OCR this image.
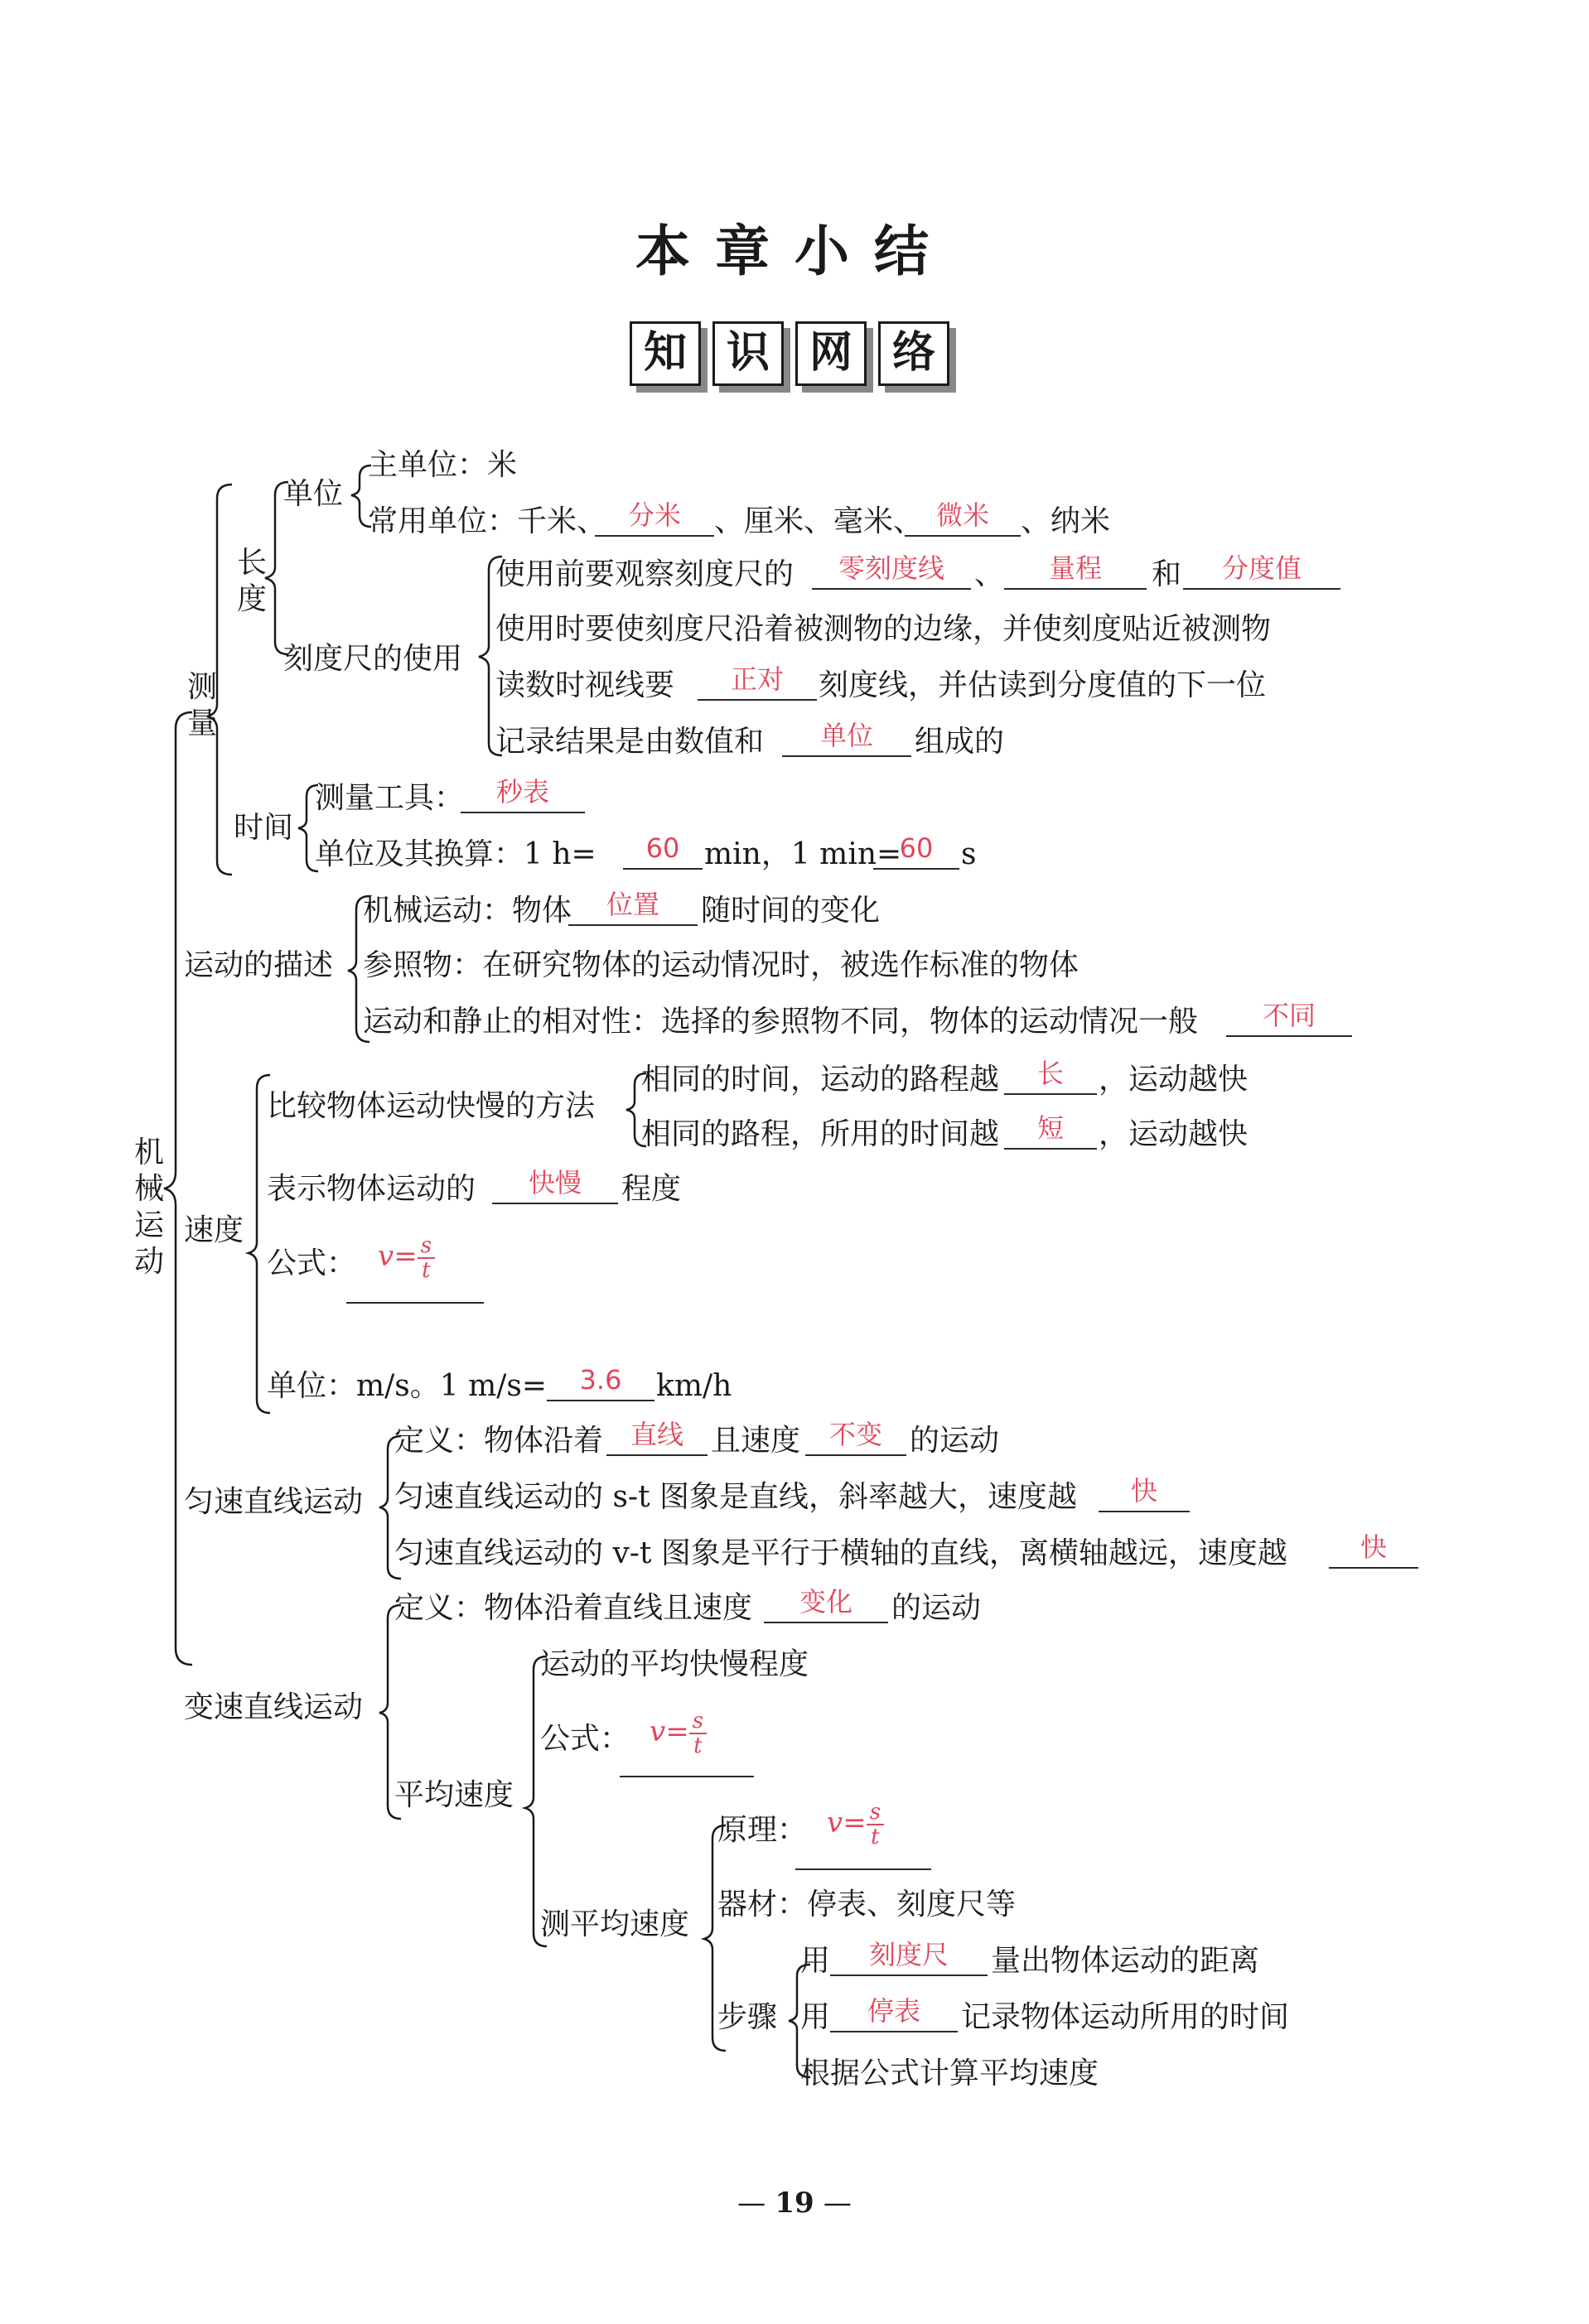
本章小结
知 识 网 络
机械运动
测量
长度
单位
主单位：米
常用单位：千米、 分米	、厘米、毫米、 微米	、纳米
刻度尺的使用
使用前要观察刻度尺的	零刻度线	、	量程	和	分度值
使用时要使刻度尺沿着被测物的边缘，并使刻度贴近被测物
读数时视线要	正对	刻度线，并估读到分度值的下一位
记录结果是由数值和	单位	组成的
时间
测量工具：	秒表
单位及其换算：1 h=	60 min，1 min=
60 s
运动的描述
机械运动：物体	位置	随时间的变化
参照物：在研究物体的运动情况时，被选作标准的物体
运动和静止的相对性：选择的参照物不同，物体的运动情况一般	不同
速度
比较物体运动快慢的方法
相同的时间，运动的路程越	长	，运动越快
相同的路程，所用的时间越	短	，运动越快
表示物体运动的	快慢	程度
公式： $v= \frac{s}{t}$
单位：m/s。1 m/s=	3.6	km/h
匀速直线运动
定义：物体沿着	直线 且速度	不变 的运动
匀速直线运动的 s-t 图象是直线，斜率越大，速度越	快
匀速直线运动的 v-t 图象是平行于横轴的直线，离横轴越远，速度越	快
变速直线运动
定义：物体沿着直线且速度	变化	的运动
平均速度
运动的平均快慢程度
公式： $v= \frac{s}{t}$
测平均速度
原理： $v= \frac{s}{t}$
器材：停表、刻度尺等
步骤
用	刻度尺	量出物体运动的距离
用	停表	记录物体运动所用的时间
根据公式计算平均速度
— 19 —
